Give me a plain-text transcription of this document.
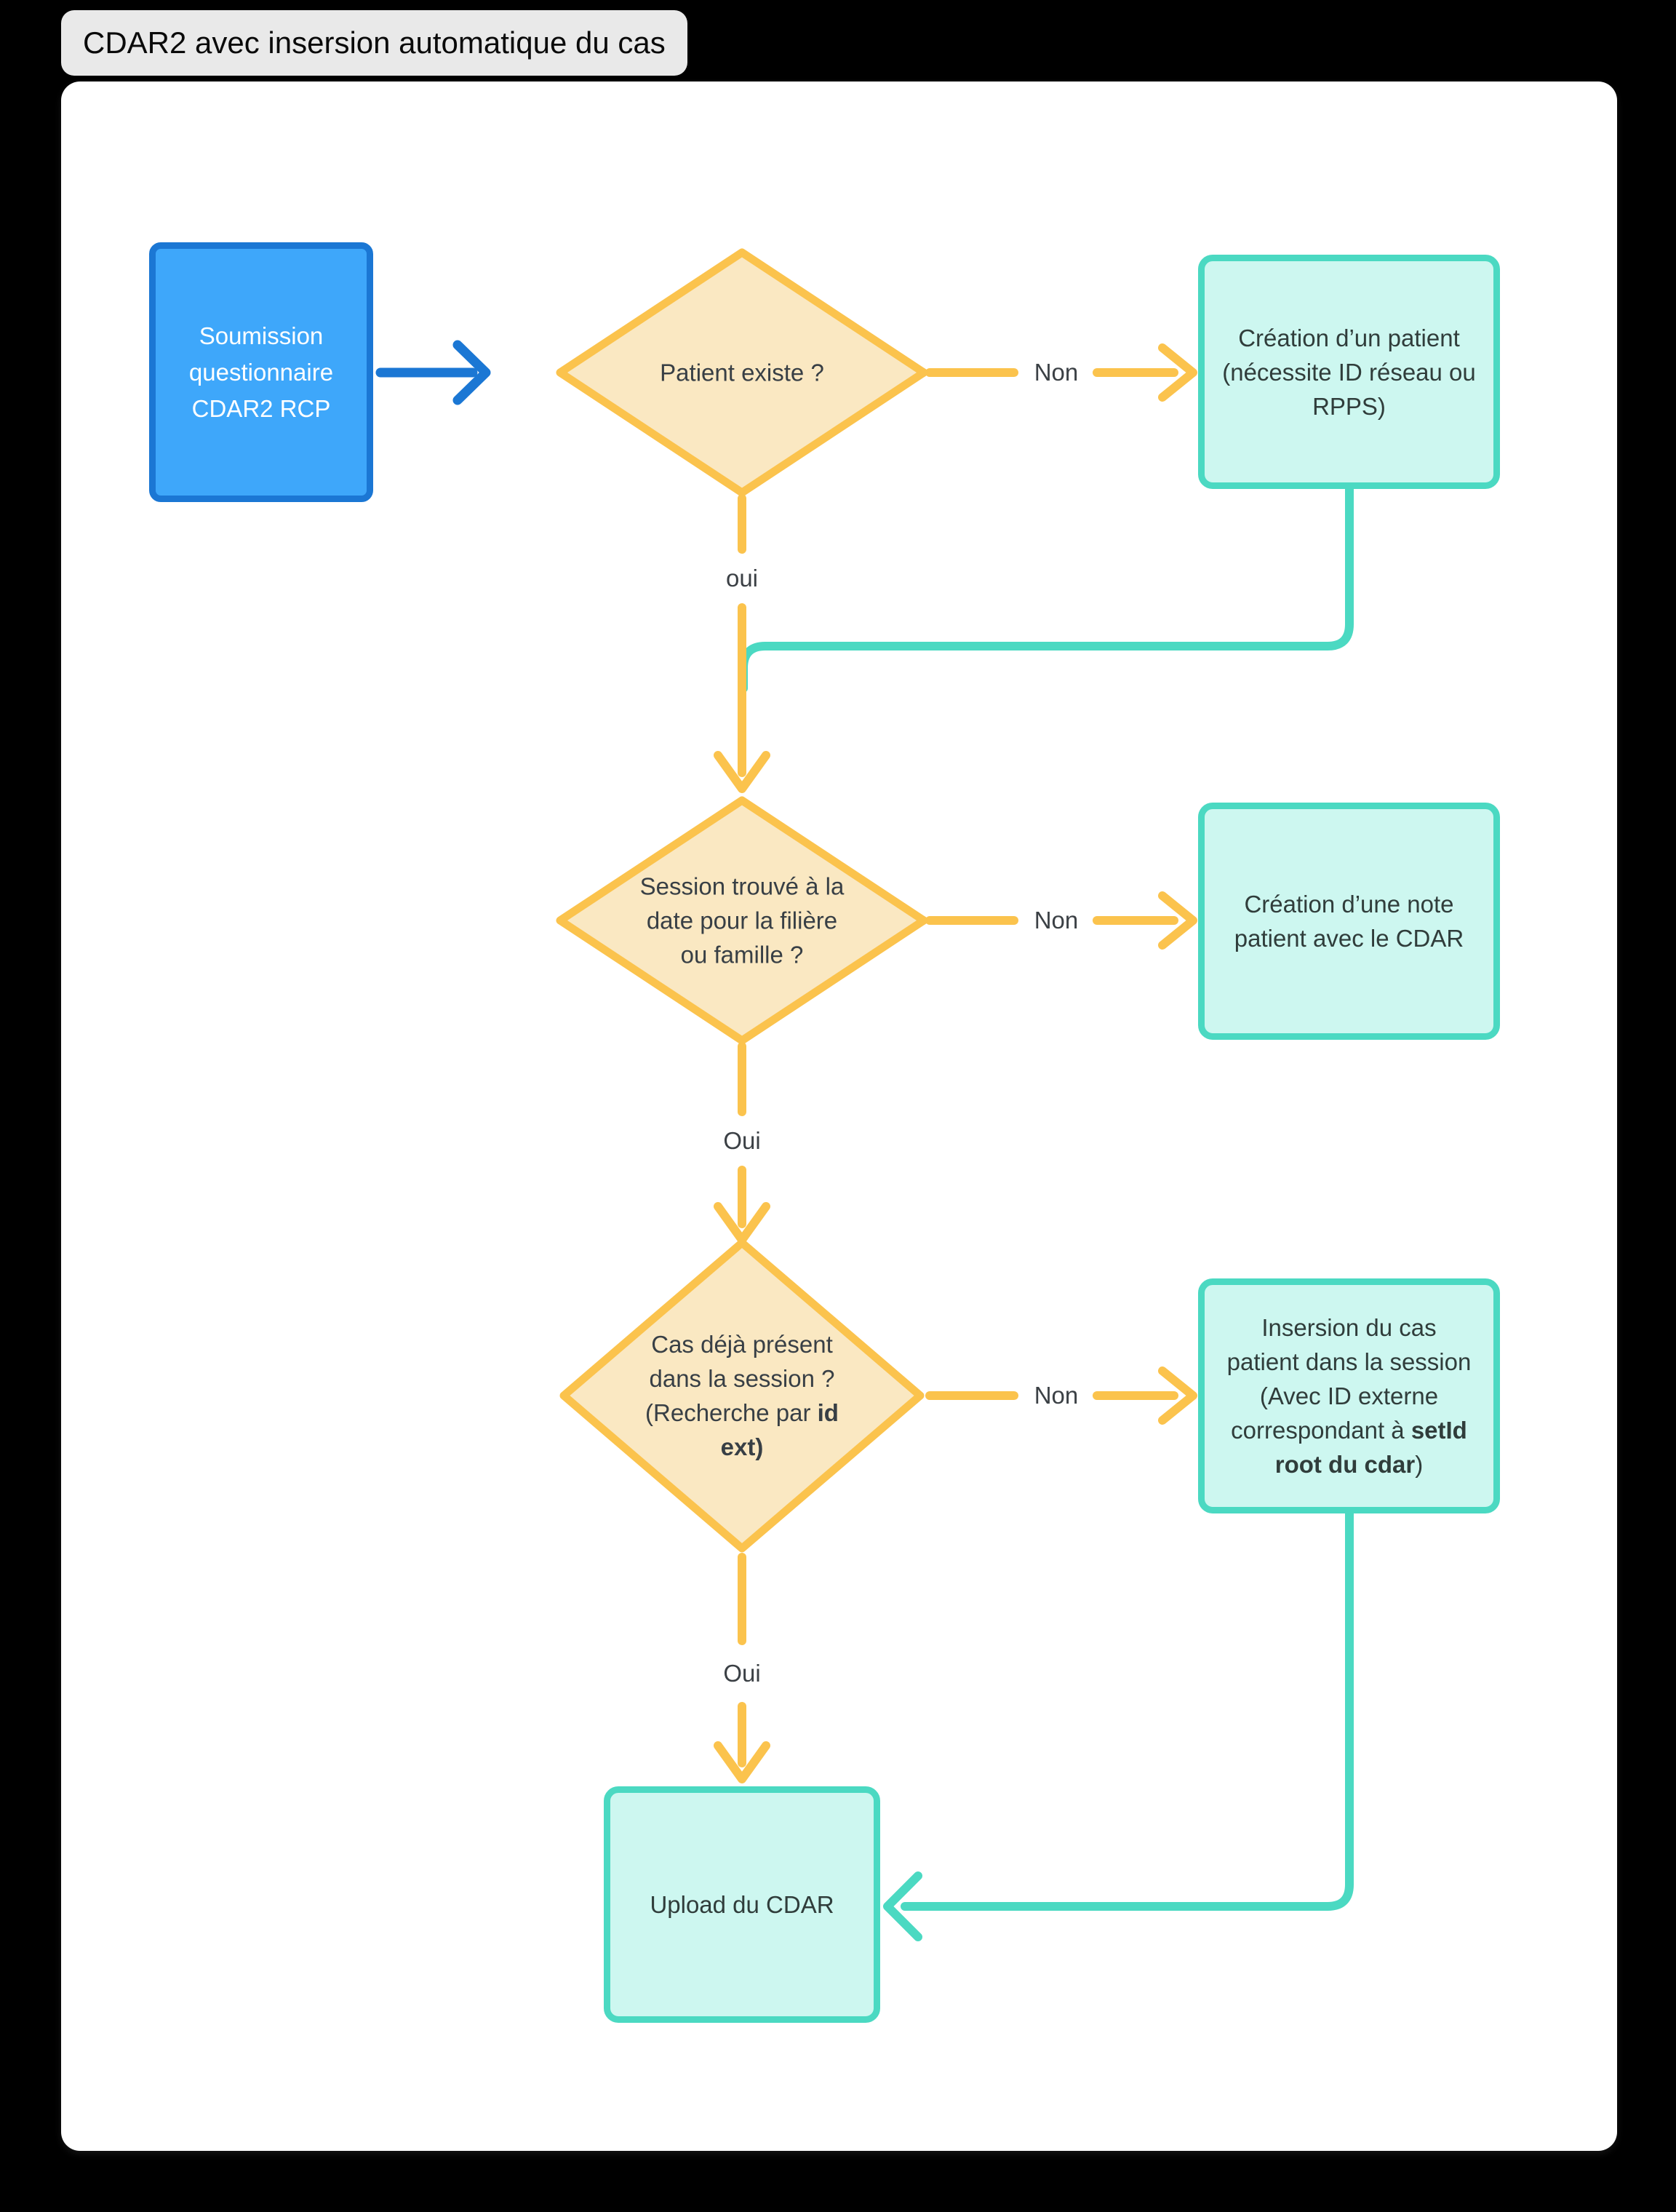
CDAR2 avec insersion automatique du cas
Soumission
questionnaire
CDAR2 RCP
Patient existe ?
Session trouvé à la
date pour la filière
ou famille ?
Cas déjà présent
dans la session ?
(Recherche par id
ext)
Création d’un patient
(nécessite ID réseau ou
RPPS)
Création d’une note
patient avec le CDAR
Insersion du cas
patient dans la session
(Avec ID externe
correspondant à setId
root du cdar)
Upload du CDAR
Non
oui
Non
Oui
Non
Oui
